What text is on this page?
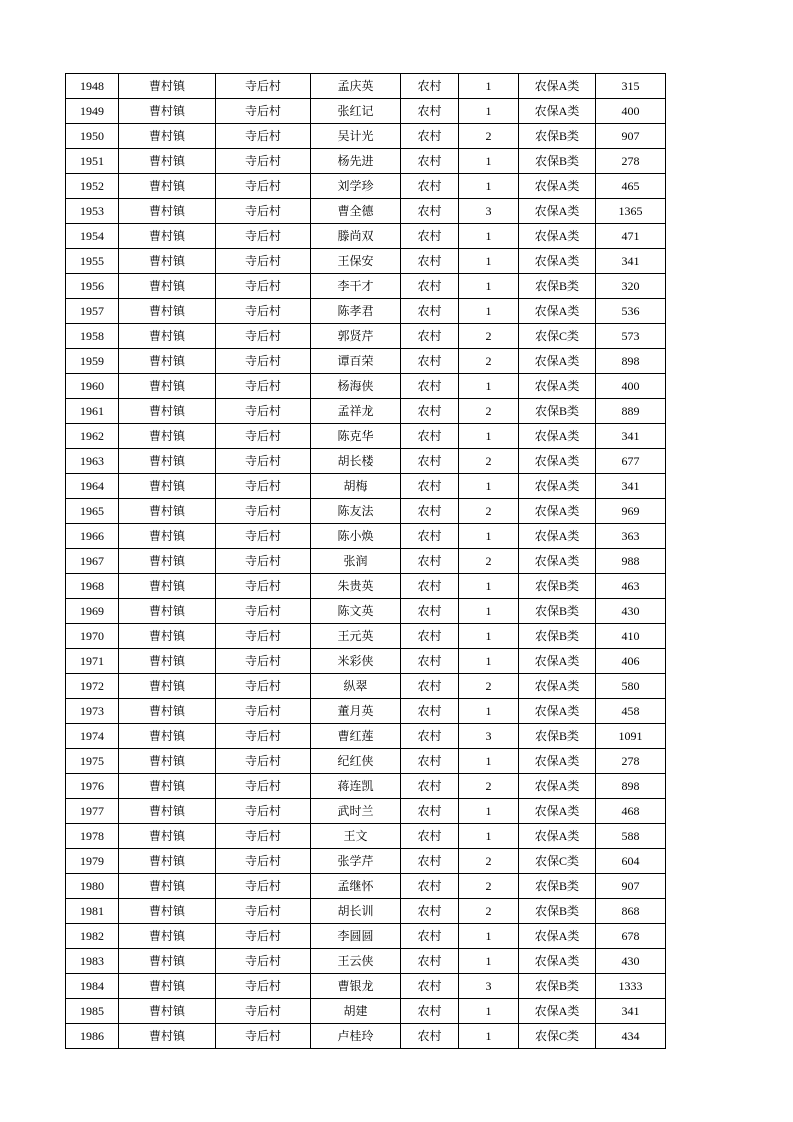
1948	曹村镇	寺后村	孟庆英	农村	1	农保A类	315
1949	曹村镇	寺后村	张红记	农村	1	农保A类	400
1950	曹村镇	寺后村	吴计光	农村	2	农保B类	907
1951	曹村镇	寺后村	杨先进	农村	1	农保B类	278
1952	曹村镇	寺后村	刘学珍	农村	1	农保A类	465
1953	曹村镇	寺后村	曹全德	农村	3	农保A类	1365
1954	曹村镇	寺后村	滕尚双	农村	1	农保A类	471
1955	曹村镇	寺后村	王保安	农村	1	农保A类	341
1956	曹村镇	寺后村	李干才	农村	1	农保B类	320
1957	曹村镇	寺后村	陈孝君	农村	1	农保A类	536
1958	曹村镇	寺后村	郭贤芹	农村	2	农保C类	573
1959	曹村镇	寺后村	谭百荣	农村	2	农保A类	898
1960	曹村镇	寺后村	杨海侠	农村	1	农保A类	400
1961	曹村镇	寺后村	孟祥龙	农村	2	农保B类	889
1962	曹村镇	寺后村	陈克华	农村	1	农保A类	341
1963	曹村镇	寺后村	胡长楼	农村	2	农保A类	677
1964	曹村镇	寺后村	胡梅	农村	1	农保A类	341
1965	曹村镇	寺后村	陈友法	农村	2	农保A类	969
1966	曹村镇	寺后村	陈小焕	农村	1	农保A类	363
1967	曹村镇	寺后村	张润	农村	2	农保A类	988
1968	曹村镇	寺后村	朱贵英	农村	1	农保B类	463
1969	曹村镇	寺后村	陈文英	农村	1	农保B类	430
1970	曹村镇	寺后村	王元英	农村	1	农保B类	410
1971	曹村镇	寺后村	米彩侠	农村	1	农保A类	406
1972	曹村镇	寺后村	纵翠	农村	2	农保A类	580
1973	曹村镇	寺后村	董月英	农村	1	农保A类	458
1974	曹村镇	寺后村	曹红莲	农村	3	农保B类	1091
1975	曹村镇	寺后村	纪红侠	农村	1	农保A类	278
1976	曹村镇	寺后村	蒋连凯	农村	2	农保A类	898
1977	曹村镇	寺后村	武时兰	农村	1	农保A类	468
1978	曹村镇	寺后村	王文	农村	1	农保A类	588
1979	曹村镇	寺后村	张学芹	农村	2	农保C类	604
1980	曹村镇	寺后村	孟继怀	农村	2	农保B类	907
1981	曹村镇	寺后村	胡长训	农村	2	农保B类	868
1982	曹村镇	寺后村	李圆圆	农村	1	农保A类	678
1983	曹村镇	寺后村	王云侠	农村	1	农保A类	430
1984	曹村镇	寺后村	曹银龙	农村	3	农保B类	1333
1985	曹村镇	寺后村	胡建	农村	1	农保A类	341
1986	曹村镇	寺后村	卢桂玲	农村	1	农保C类	434
